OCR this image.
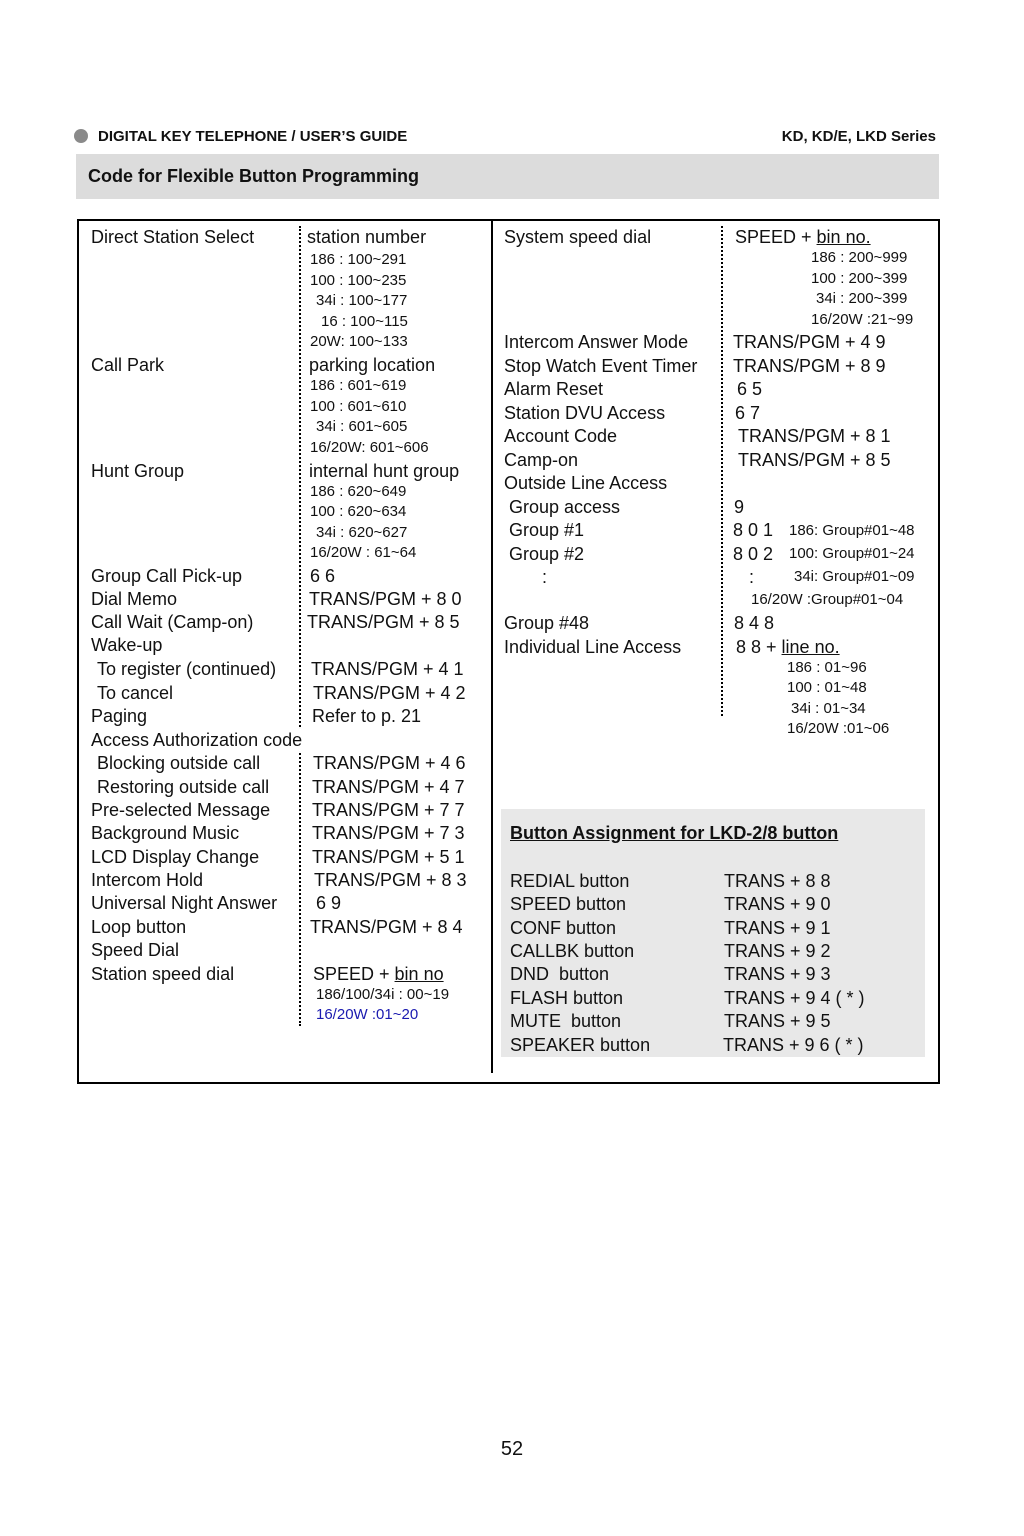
DIGITAL KEY TELEPHONE / USER’S GUIDE	KD, KD/E, LKD Series
Code for Flexible Button Programming
Direct Station Select	station number
186 : 100~291
100 : 100~235
34i : 100~177
16 : 100~115
20W: 100~133
Call Park	parking location
186 : 601~619
100 : 601~610
34i : 601~605
16/20W: 601~606
Hunt Group	internal hunt group
186 : 620~649
100 : 620~634
34i : 620~627
16/20W : 61~64
Group Call Pick-up	6 6
Dial Memo	TRANS/PGM + 8 0
Call Wait (Camp-on)	TRANS/PGM + 8 5
Wake-up
To register (continued) TRANS/PGM + 4 1
To cancel	TRANS/PGM + 4 2
Paging	Refer to p. 21
Access Authorization code
Blocking outside call	TRANS/PGM + 4 6
Restoring outside call TRANS/PGM + 4 7
Pre-selected Message TRANS/PGM + 7 7
Background Music	TRANS/PGM + 7 3
LCD Display Change	TRANS/PGM + 5 1
Intercom Hold	TRANS/PGM + 8 3
Universal Night Answer 6 9
Loop button	TRANS/PGM + 8 4
Speed Dial
Station speed dial	SPEED + bin no
186/100/34i : 00~19
16/20W :01~20
System speed dial	SPEED + bin no.
186 : 200~999
100 : 200~399
34i : 200~399
16/20W :21~99
Intercom Answer Mode TRANS/PGM + 4 9
Stop Watch Event Timer TRANS/PGM + 8 9
Alarm Reset	6 5
Station DVU Access	6 7
Account Code	TRANS/PGM + 8 1
Camp-on	TRANS/PGM + 8 5
Outside Line Access
Group access	9
Group #1	8 0 1 186: Group#01~48
Group #2	8 0 2 100: Group#01~24
:	:	34i: Group#01~09
16/20W :Group#01~04
Group #48	8 4 8
Individual Line Access	8 8 + line no.
186 : 01~96
100 : 01~48
34i : 01~34
16/20W :01~06
Button Assignment for LKD-2/8 button
REDIAL button	TRANS + 8 8
SPEED button	TRANS + 9 0
CONF button	TRANS + 9 1
CALLBK button	TRANS + 9 2
DND  button	TRANS + 9 3
FLASH button	TRANS + 9 4 ( * )
MUTE  button	TRANS + 9 5
SPEAKER button	TRANS + 9 6 ( * )
52
